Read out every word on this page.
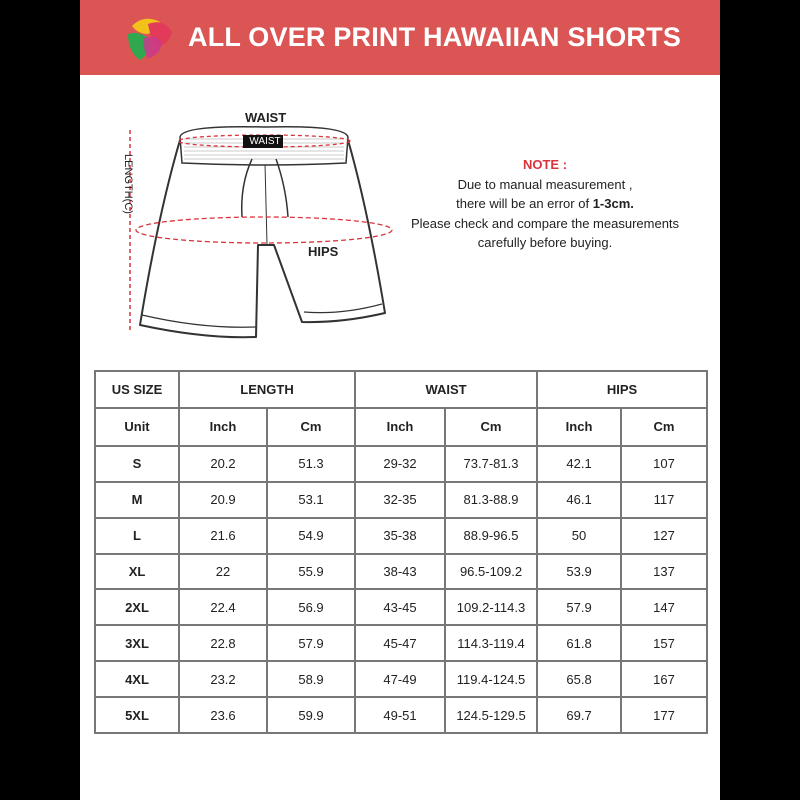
ALL OVER PRINT HAWAIIAN SHORTS
WAIST
WAIST
LENGTH(C)
HIPS
NOTE :
Due to manual measurement ,
there will be an error of 1-3cm.
Please check and compare the measurements
carefully before buying.
US SIZE	LENGTH		WAIST		HIPS	
Unit	Inch	Cm	Inch	Cm	Inch	Cm
S	20.2	51.3	29-32	73.7-81.3	42.1	107
M	20.9	53.1	32-35	81.3-88.9	46.1	117
L	21.6	54.9	35-38	88.9-96.5	50	127
XL	22	55.9	38-43	96.5-109.2	53.9	137
2XL	22.4	56.9	43-45	109.2-114.3	57.9	147
3XL	22.8	57.9	45-47	114.3-119.4	61.8	157
4XL	23.2	58.9	47-49	119.4-124.5	65.8	167
5XL	23.6	59.9	49-51	124.5-129.5	69.7	177
